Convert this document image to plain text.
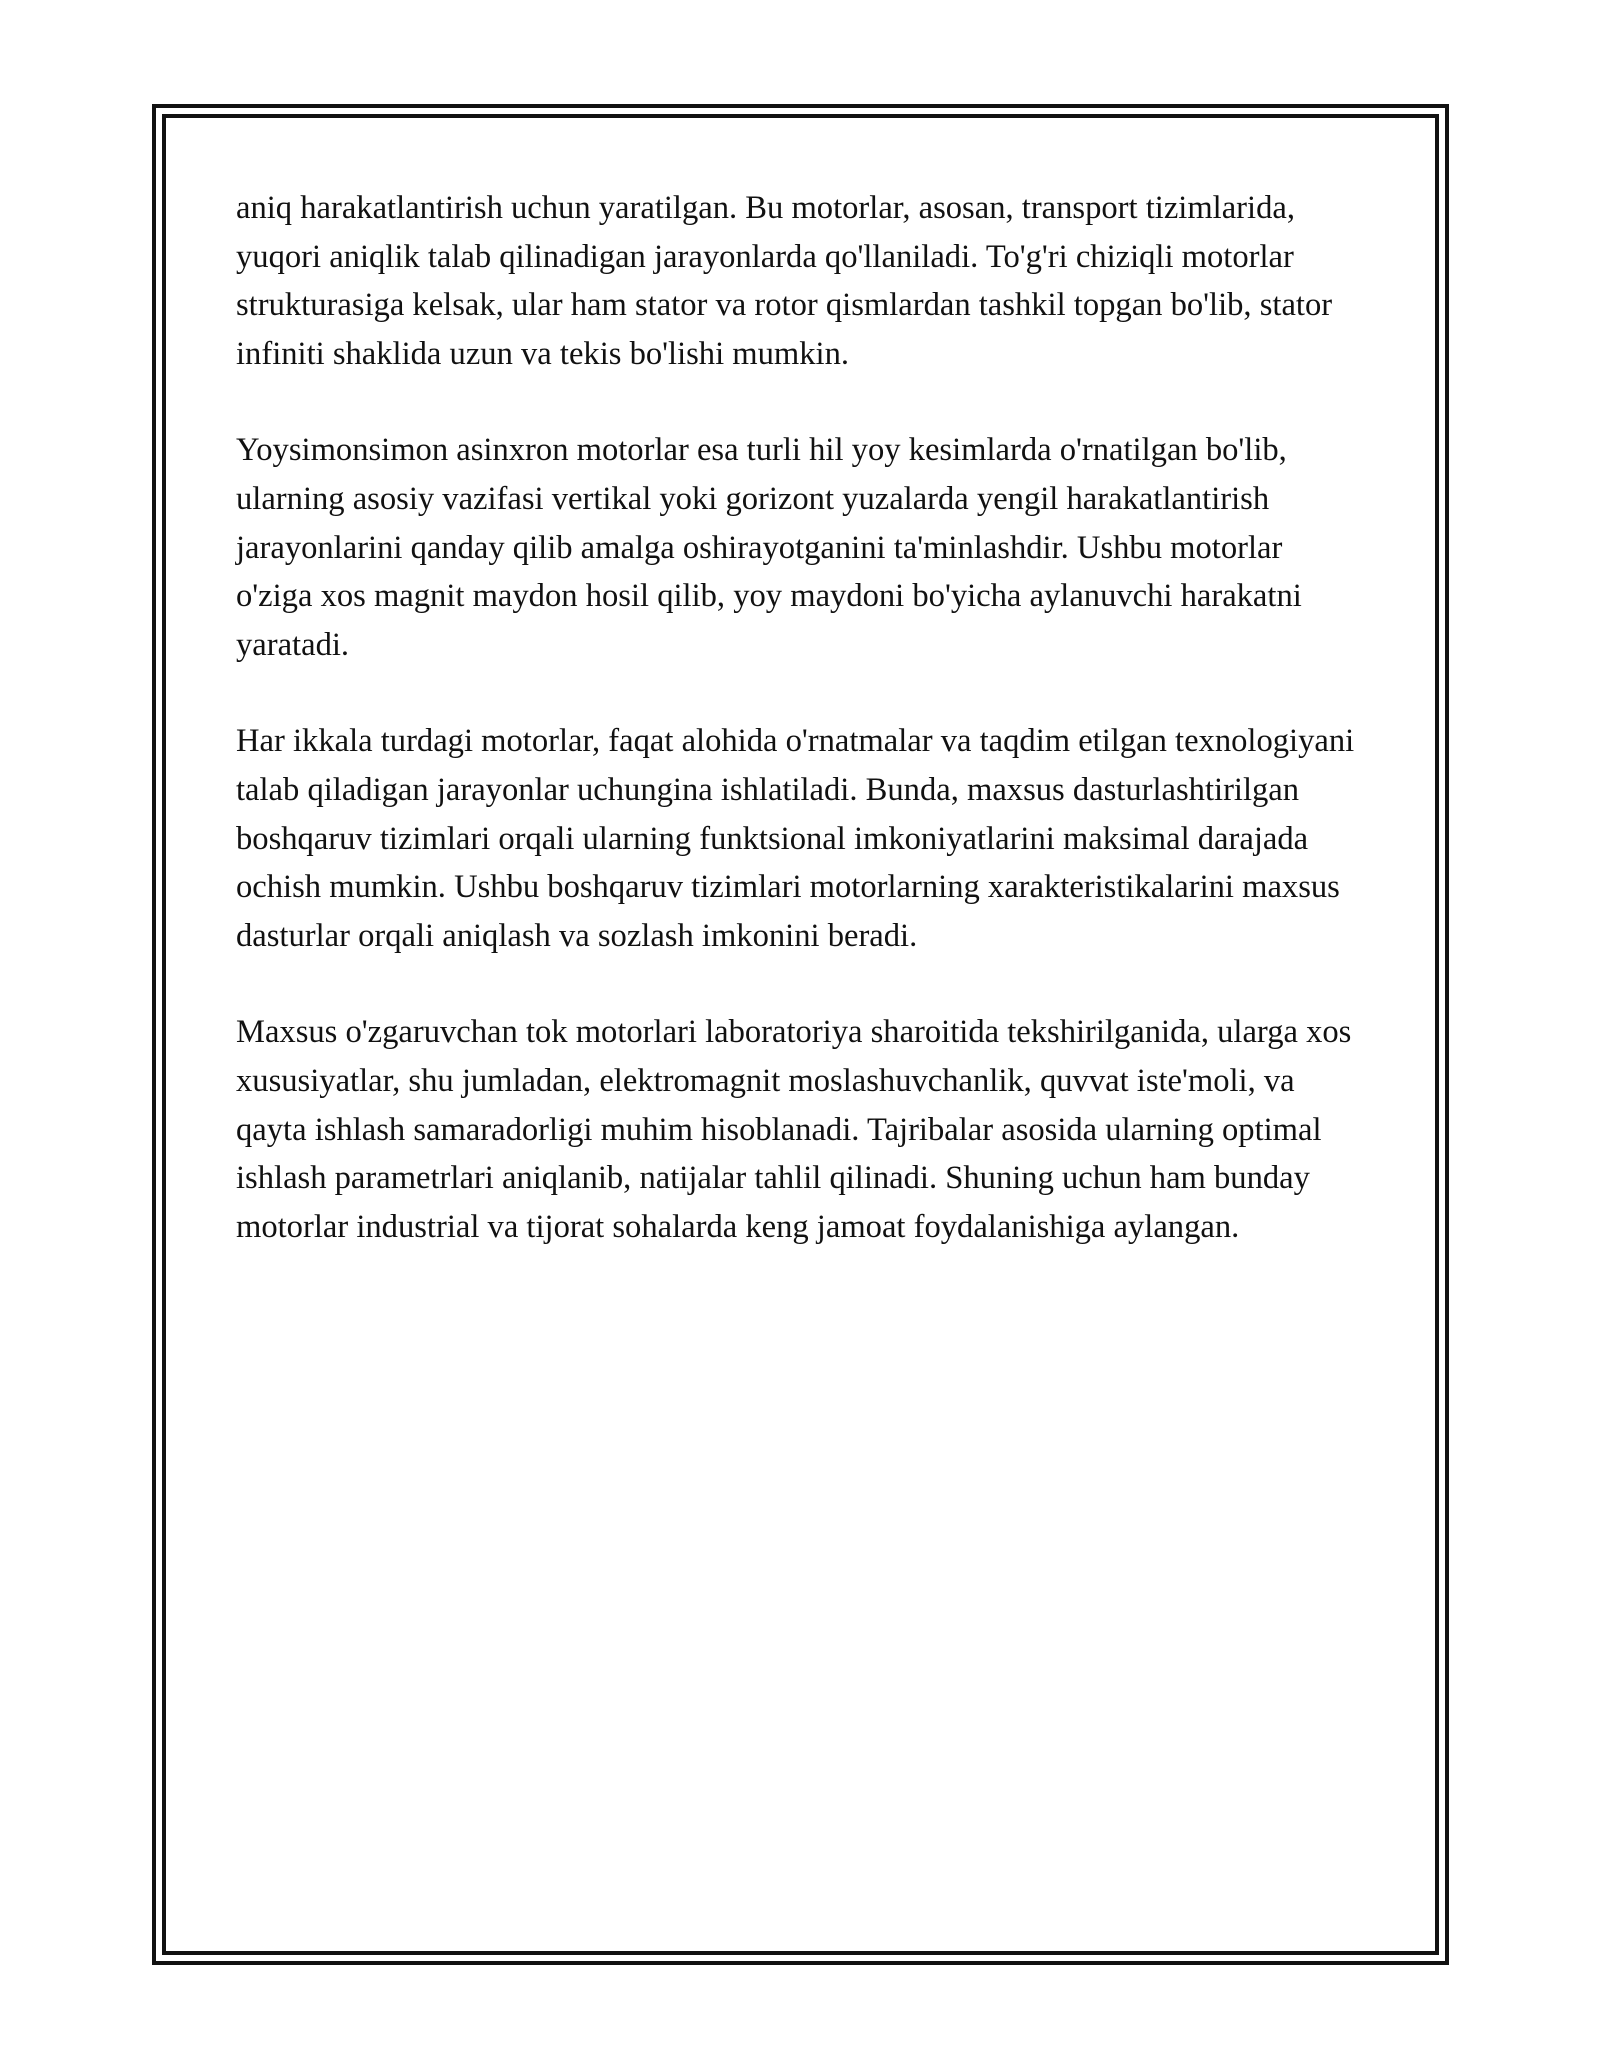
aniq harakatlantirish uchun yaratilgan. Bu motorlar, asosan, transport tizimlarida, yuqori aniqlik talab qilinadigan jarayonlarda qo'llaniladi. To'g'ri chiziqli motorlar strukturasiga kelsak, ular ham stator va rotor qismlardan tashkil topgan bo'lib, stator infiniti shaklida uzun va tekis bo'lishi mumkin.

Yoysimonsimon asinxron motorlar esa turli hil yoy kesimlarda o'rnatilgan bo'lib, ularning asosiy vazifasi vertikal yoki gorizont yuzalarda yengil harakatlantirish jarayonlarini qanday qilib amalga oshirayotganini ta'minlashdir. Ushbu motorlar o'ziga xos magnit maydon hosil qilib, yoy maydoni bo'yicha aylanuvchi harakatni yaratadi.

Har ikkala turdagi motorlar, faqat alohida o'rnatmalar va taqdim etilgan texnologiyani talab qiladigan jarayonlar uchungina ishlatiladi. Bunda, maxsus dasturlashtirilgan boshqaruv tizimlari orqali ularning funktsional imkoniyatlarini maksimal darajada ochish mumkin. Ushbu boshqaruv tizimlari motorlarning xarakteristikalarini maxsus dasturlar orqali aniqlash va sozlash imkonini beradi.

Maxsus o'zgaruvchan tok motorlari laboratoriya sharoitida tekshirilganida, ularga xos xususiyatlar, shu jumladan, elektromagnit moslashuvchanlik, quvvat iste'moli, va qayta ishlash samaradorligi muhim hisoblanadi. Tajribalar asosida ularning optimal ishlash parametrlari aniqlanib, natijalar tahlil qilinadi. Shuning uchun ham bunday motorlar industrial va tijorat sohalarda keng jamoat foydalanishiga aylangan.
